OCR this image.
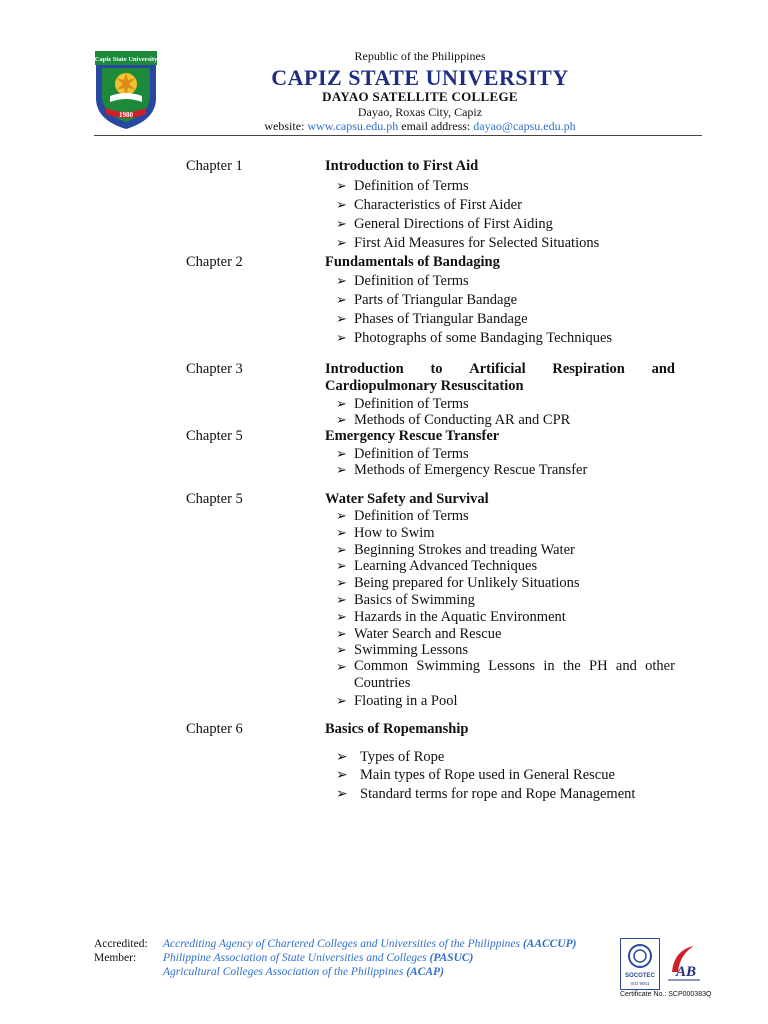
Capiz State University
1980
Republic of the Philippines
CAPIZ STATE UNIVERSITY
DAYAO SATELLITE COLLEGE
Dayao, Roxas City, Capiz
website: www.capsu.edu.ph email address: dayao@capsu.edu.ph
Chapter 1	Introduction to First Aid
➢ Definition of Terms
➢ Characteristics of First Aider
➢ General Directions of First Aiding
➢ First Aid Measures for Selected Situations
Chapter 2	Fundamentals of Bandaging
➢ Definition of Terms
➢ Parts of Triangular Bandage
➢ Phases of Triangular Bandage
➢ Photographs of some Bandaging Techniques
Chapter 3	Introduction to Artificial Respiration and
Cardiopulmonary Resuscitation
➢ Definition of Terms
➢ Methods of Conducting AR and CPR
Chapter 5	Emergency Rescue Transfer
➢ Definition of Terms
➢ Methods of Emergency Rescue Transfer
Chapter 5	Water Safety and Survival
➢ Definition of Terms
➢ How to Swim
➢ Beginning Strokes and treading Water
➢ Learning Advanced Techniques
➢ Being prepared for Unlikely Situations
➢ Basics of Swimming
➢ Hazards in the Aquatic Environment
➢ Water Search and Rescue
➢ Swimming Lessons
➢ Common Swimming Lessons in the PH and other
Countries
➢ Floating in a Pool
Chapter 6	Basics of Ropemanship
➢ Types of Rope
➢ Main types of Rope used in General Rescue
➢ Standard terms for rope and Rope Management
Accredited:
Member:
Accrediting Agency of Chartered Colleges and Universities of the Philippines (AACCUP)
Philippine Association of State Universities and Colleges (PASUC)
Agricultural Colleges Association of the Philippines (ACAP)	SOCOTEC
ISO 9001
AB
Certificate No.: SCP000383Q
